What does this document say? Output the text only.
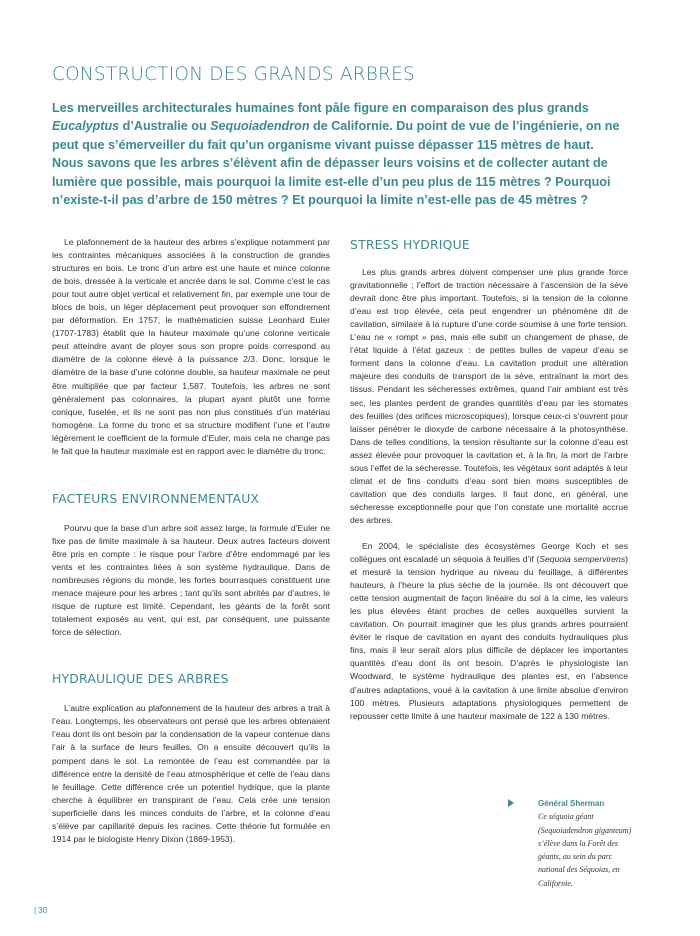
CONSTRUCTION DES GRANDS ARBRES

Les merveilles architecturales humaines font pâle figure en comparaison des plus grands Eucalyptus d’Australie ou Sequoiadendron de Californie. Du point de vue de l’ingénierie, on ne peut que s’émerveiller du fait qu’un organisme vivant puisse dépasser 115 mètres de haut. Nous savons que les arbres s’élèvent afin de dépasser leurs voisins et de collecter autant de lumière que possible, mais pourquoi la limite est-elle d’un peu plus de 115 mètres ? Pourquoi n’existe-t-il pas d’arbre de 150 mètres ? Et pourquoi la limite n’est-elle pas de 45 mètres ?

Le plafonnement de la hauteur des arbres s’explique notamment par les contraintes mécaniques associées à la construction de grandes structures en bois. Le tronc d’un arbre est une haute et mince colonne de bois, dressée à la verticale et ancrée dans le sol. Comme c’est le cas pour tout autre objet vertical et relativement fin, par exemple une tour de blocs de bois, un léger déplacement peut provoquer son effondrement par déformation. En 1757, le mathématicien suisse Leonhard Euler (1707-1783) établit que la hauteur maximale qu’une colonne verticale peut atteindre avant de ployer sous son propre poids correspond au diamètre de la colonne élevé à la puissance 2/3. Donc, lorsque le diamètre de la base d’une colonne double, sa hauteur maximale ne peut être multipliée que par facteur 1,587. Toutefois, les arbres ne sont généralement pas colonnaires, la plupart ayant plutôt une forme conique, fuselée, et ils ne sont pas non plus constitués d’un matériau homogène. La forme du tronc et sa structure modifient l’une et l’autre légèrement le coefficient de la formule d’Euler, mais cela ne change pas le fait que la hauteur maximale est en rapport avec le diamètre du tronc.

FACTEURS ENVIRONNEMENTAUX

Pourvu que la base d’un arbre soit assez large, la formule d’Euler ne fixe pas de limite maximale à sa hauteur. Deux autres facteurs doivent être pris en compte : le risque pour l’arbre d’être endommagé par les vents et les contraintes liées à son système hydraulique. Dans de nombreuses régions du monde, les fortes bourrasques constituent une menace majeure pour les arbres ; tant qu’ils sont abrités par d’autres, le risque de rupture est limité. Cependant, les géants de la forêt sont totalement exposés au vent, qui est, par conséquent, une puissante force de sélection.

HYDRAULIQUE DES ARBRES

L’autre explication au plafonnement de la hauteur des arbres a trait à l’eau. Longtemps, les observateurs ont pensé que les arbres obtenaient l’eau dont ils ont besoin par la condensation de la vapeur contenue dans l’air à la surface de leurs feuilles. On a ensuite découvert qu’ils la pompent dans le sol. La remontée de l’eau est commandée par la différence entre la densité de l’eau atmosphérique et celle de l’eau dans le feuillage. Cette différence crée un potentiel hydrique, que la plante cherche à équilibrer en transpirant de l’eau. Cela crée une tension superficielle dans les minces conduits de l’arbre, et la colonne d’eau s’élève par capillarité depuis les racines. Cette théorie fut formulée en 1914 par le biologiste Henry Dixon (1869-1953).

STRESS HYDRIQUE

Les plus grands arbres doivent compenser une plus grande force gravitationnelle ; l’effort de traction nécessaire à l’ascension de la sève devrait donc être plus important. Toutefois, si la tension de la colonne d’eau est trop élevée, cela peut engendrer un phénomène dit de cavitation, similaire à la rupture d’une corde soumise à une forte tension. L’eau ne « rompt » pas, mais elle subit un changement de phase, de l’état liquide à l’état gazeux : de petites bulles de vapeur d’eau se forment dans la colonne d’eau. La cavitation produit une altération majeure des conduits de transport de la sève, entraînant la mort des tissus. Pendant les sécheresses extrêmes, quand l’air ambiant est très sec, les plantes perdent de grandes quantités d’eau par les stomates des feuilles (des orifices microscopiques), lorsque ceux-ci s’ouvrent pour laisser pénétrer le dioxyde de carbone nécessaire à la photosynthèse. Dans de telles conditions, la tension résultante sur la colonne d’eau est assez élevée pour provoquer la cavitation et, à la fin, la mort de l’arbre sous l’effet de la sécheresse. Toutefois, les végétaux sont adaptés à leur climat et de fins conduits d’eau sont bien moins susceptibles de cavitation que des conduits larges. Il faut donc, en général, une sécheresse exceptionnelle pour que l’on constate une mortalité accrue des arbres.

En 2004, le spécialiste des écosystèmes George Koch et ses collègues ont escaladé un séquoia à feuilles d’if (Sequoia sempervirens) et mesuré la tension hydrique au niveau du feuillage, à différentes hauteurs, à l’heure la plus sèche de la journée. Ils ont découvert que cette tension augmentait de façon linéaire du sol à la cime, les valeurs les plus élevées étant proches de celles auxquelles survient la cavitation. On pourrait imaginer que les plus grands arbres pourraient éviter le risque de cavitation en ayant des conduits hydrauliques plus fins, mais il leur serait alors plus difficile de déplacer les importantes quantités d’eau dont ils ont besoin. D’après le physiologiste Ian Woodward, le système hydraulique des plantes est, en l’absence d’autres adaptations, voué à la cavitation à une limite absolue d’environ 100 mètres. Plusieurs adaptations physiologiques permettent de repousser cette limite à une hauteur maximale de 122 à 130 mètres.

Général Sherman
Ce séquoia géant (Sequoiadendron giganteum) s’élève dans la Forêt des géants, au sein du parc national des Séquoias, en Californie.
| 30
